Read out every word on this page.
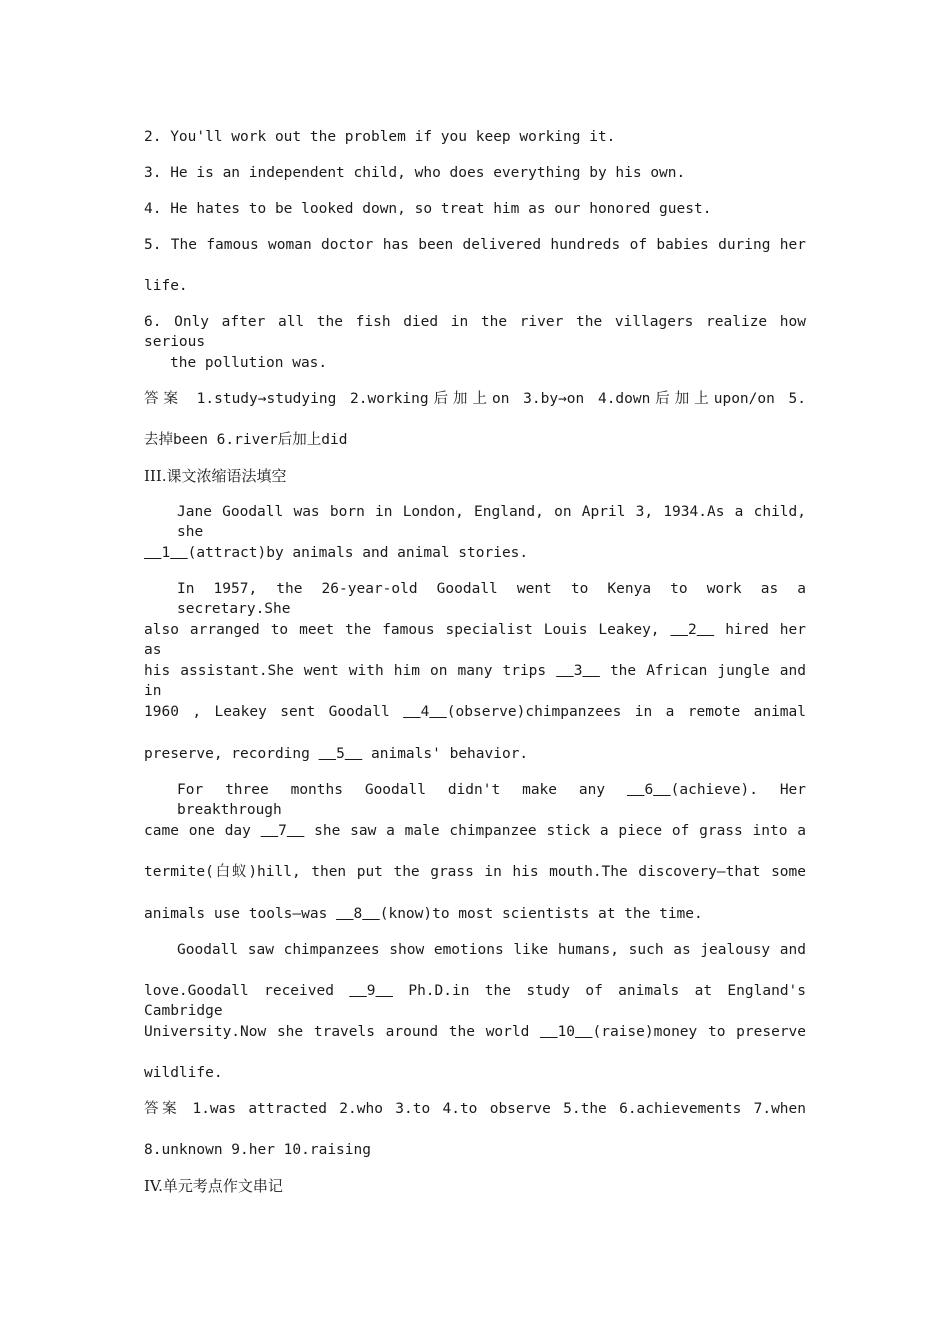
2. You'll work out the problem if you keep working it.
3. He is an independent child, who does everything by his own.
4. He hates to be looked down, so treat him as our honored guest.
5. The famous woman doctor has been delivered hundreds of babies during her
life.
6. Only after all the fish died in the river the villagers realize how serious
the pollution was.
答案 1.study→studying 2.working后加上on 3.by→on 4.down后加上upon/on 5.
去掉been 6.river后加上did
III.课文浓缩语法填空
Jane Goodall was born in London, England, on April 3, 1934.As a child, she
1 (attract)by animals and animal stories.
In 1957, the 26-year-old Goodall went to Kenya to work as a secretary.She
also arranged to meet the famous specialist Louis Leakey, 2 hired her as
his assistant.She went with him on many trips 3 the African jungle and in
1960 , Leakey sent Goodall 4 (observe)chimpanzees in a remote animal
preserve, recording 5 animals' behavior.
For three months Goodall didn't make any	6 (achieve). Her breakthrough
came one day 7 she saw a male chimpanzee stick a piece of grass into a
termite(白蚁)hill, then put the grass in his mouth.The discovery—that some
animals use tools—was 8 (know)to most scientists at the time.
Goodall saw chimpanzees show emotions like humans, such as jealousy and
love.Goodall received 9 Ph.D.in the study of animals at England's Cambridge
University.Now she travels around the world 10 (raise)money to preserve
wildlife.
答案 1.was attracted 2.who 3.to 4.to observe 5.the 6.achievements 7.when
8.unknown 9.her 10.raising
IV.单元考点作文串记
